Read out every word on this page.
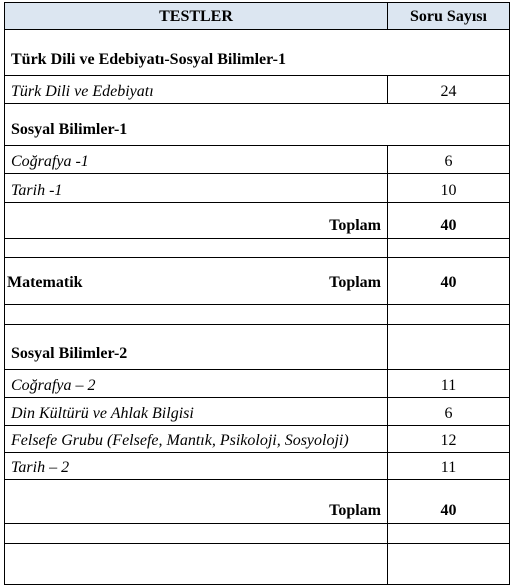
TESTLER	Soru Sayısı
Türk Dili ve Edebiyatı-Sosyal Bilimler-1	
Türk Dili ve Edebiyatı	24
Sosyal Bilimler-1	
Coğrafya -1	6
Tarih -1	10
Toplam	40

Matematik Toplam	40

Sosyal Bilimler-2	
Coğrafya – 2	11
Din Kültürü ve Ahlak Bilgisi	6
Felsefe Grubu (Felsefe, Mantık, Psikoloji, Sosyoloji)	12
Tarih – 2	11
Toplam	40
